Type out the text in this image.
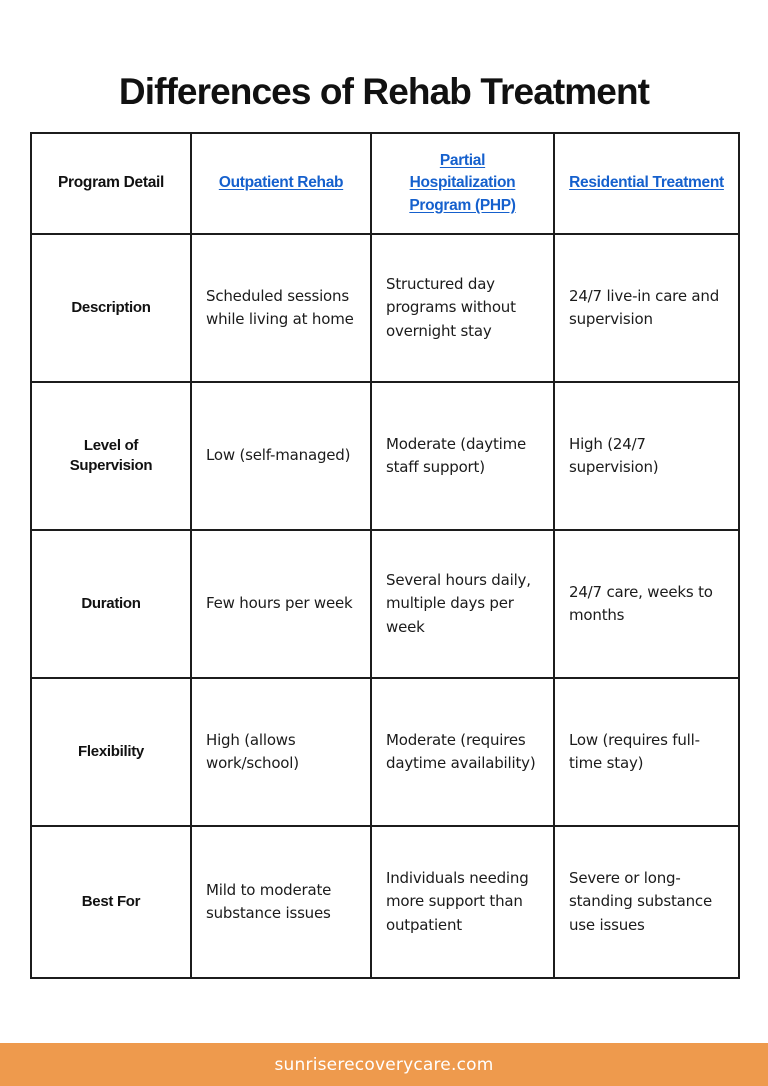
Differences of Rehab Treatment
Program Detail	Outpatient Rehab	Partial Hospitalization Program (PHP)	Residential Treatment

Description	Scheduled sessions while living at home	Structured day programs without overnight stay	24/7 live-in care and supervision

Level of Supervision	Low (self-managed)	Moderate (daytime staff support)	High (24/7 supervision)

Duration	Few hours per week	Several hours daily, multiple days per week	24/7 care, weeks to months

Flexibility	High (allows work/school)	Moderate (requires daytime availability)	Low (requires full-time stay)

Best For	Mild to moderate substance issues	Individuals needing more support than outpatient	Severe or long-standing substance use issues
sunriserecoverycare.com
